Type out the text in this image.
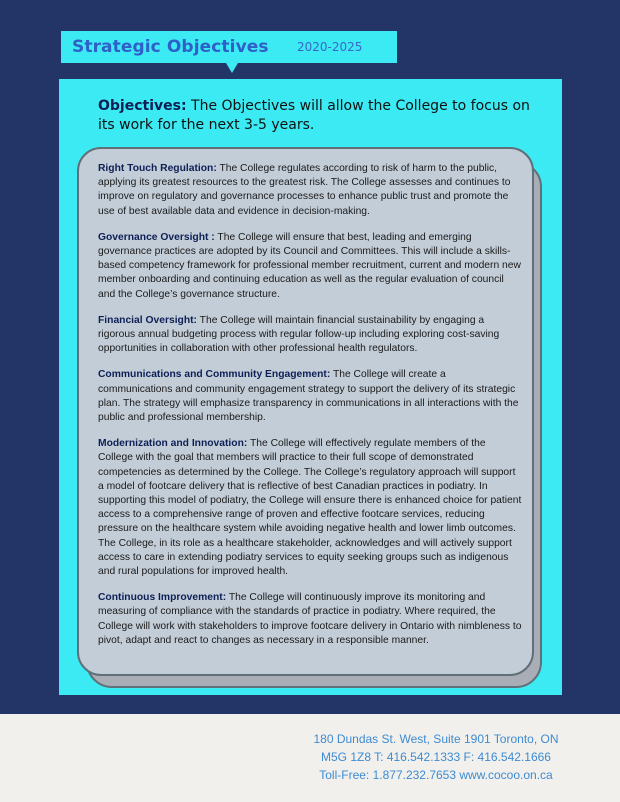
Strategic Objectives 2020-2025
Objectives: The Objectives will allow the College to focus on its work for the next 3-5 years.

Right Touch Regulation: The College regulates according to risk of harm to the public, applying its greatest resources to the greatest risk. The College assesses and continues to improve on regulatory and governance processes to enhance public trust and promote the use of best available data and evidence in decision-making.

Governance Oversight : The College will ensure that best, leading and emerging governance practices are adopted by its Council and Committees. This will include a skills-based competency framework for professional member recruitment, current and modern new member onboarding and continuing education as well as the regular evaluation of council and the College’s governance structure.

Financial Oversight: The College will maintain financial sustainability by engaging a rigorous annual budgeting process with regular follow-up including exploring cost-saving opportunities in collaboration with other professional health regulators.

Communications and Community Engagement: The College will create a communications and community engagement strategy to support the delivery of its strategic plan. The strategy will emphasize transparency in communications in all interactions with the public and professional membership.

Modernization and Innovation: The College will effectively regulate members of the College with the goal that members will practice to their full scope of demonstrated competencies as determined by the College. The College’s regulatory approach will support a model of footcare delivery that is reflective of best Canadian practices in podiatry. In supporting this model of podiatry, the College will ensure there is enhanced choice for patient access to a comprehensive range of proven and effective footcare services, reducing pressure on the healthcare system while avoiding negative health and lower limb outcomes. The College, in its role as a healthcare stakeholder, acknowledges and will actively support access to care in extending podiatry services to equity seeking groups such as indigenous and rural populations for improved health.

Continuous Improvement: The College will continuously improve its monitoring and measuring of compliance with the standards of practice in podiatry. Where required, the College will work with stakeholders to improve footcare delivery in Ontario with nimbleness to pivot, adapt and react to changes as necessary in a responsible manner.

180 Dundas St. West, Suite 1901 Toronto, ON
M5G 1Z8 T: 416.542.1333 F: 416.542.1666
Toll-Free: 1.877.232.7653 www.cocoo.on.ca
